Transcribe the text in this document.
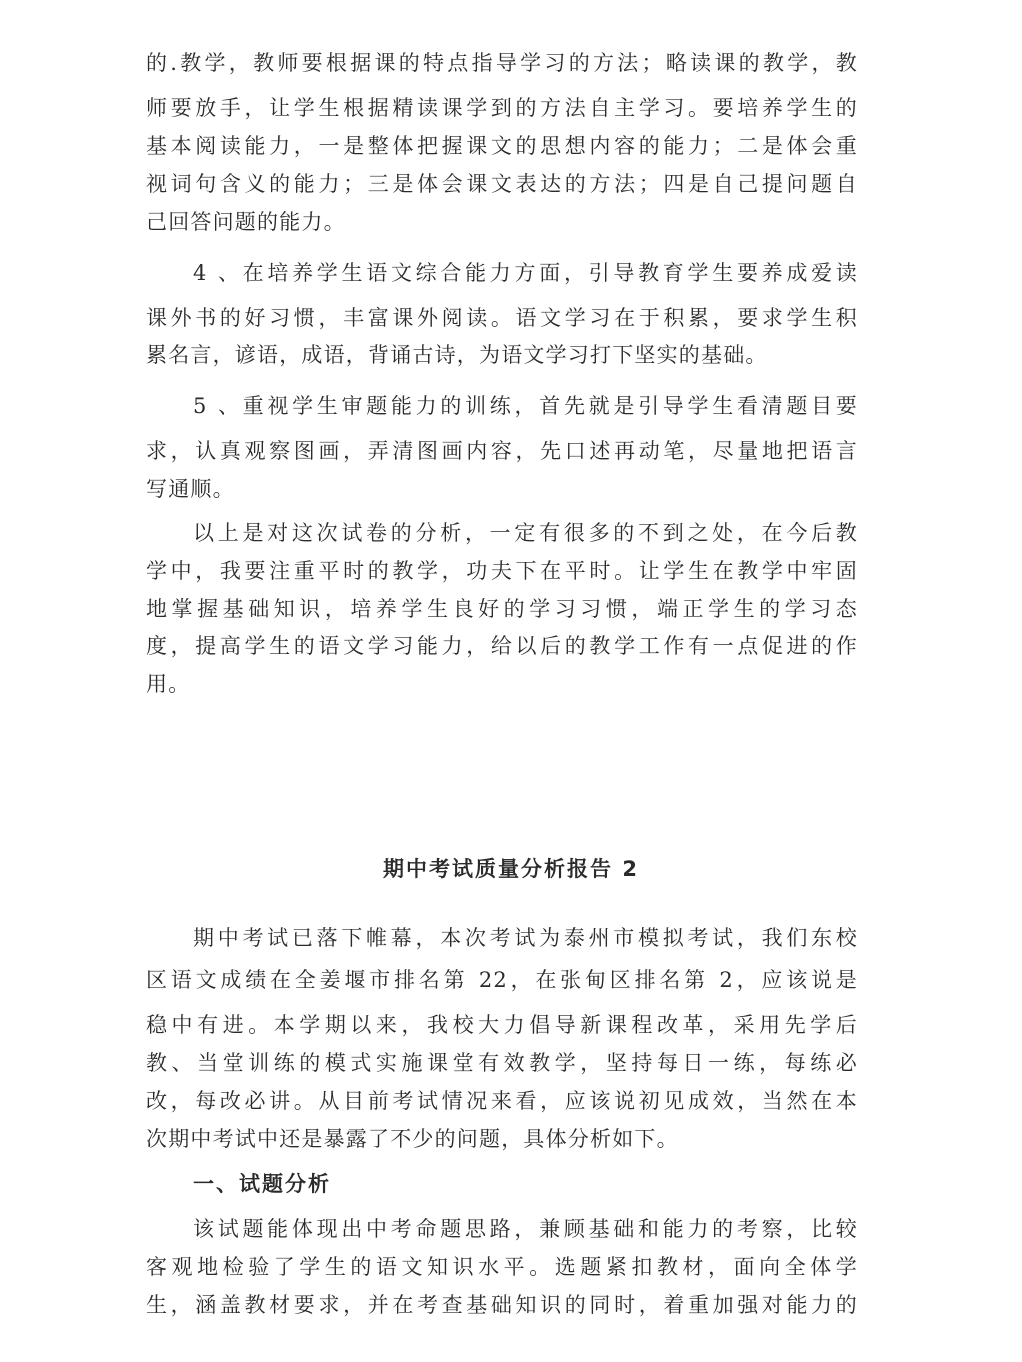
的.教学，教师要根据课的特点指导学习的方法；略读课的教学，教
师要放手，让学生根据精读课学到的方法自主学习。要培养学生的
基本阅读能力，一是整体把握课文的思想内容的能力；二是体会重
视词句含义的能力；三是体会课文表达的方法；四是自己提问题自
己回答问题的能力。
4 、在培养学生语文综合能力方面，引导教育学生要养成爱读
课外书的好习惯，丰富课外阅读。语文学习在于积累，要求学生积
累名言，谚语，成语，背诵古诗，为语文学习打下坚实的基础。
5 、重视学生审题能力的训练，首先就是引导学生看清题目要
求，认真观察图画，弄清图画内容，先口述再动笔，尽量地把语言
写通顺。
以上是对这次试卷的分析，一定有很多的不到之处，在今后教
学中，我要注重平时的教学，功夫下在平时。让学生在教学中牢固
地掌握基础知识，培养学生良好的学习习惯，端正学生的学习态
度，提高学生的语文学习能力，给以后的教学工作有一点促进的作
用。
期中考试质量分析报告 2
期中考试已落下帷幕，本次考试为泰州市模拟考试，我们东校
区语文成绩在全姜堰市排名第 22，在张甸区排名第 2，应该说是
稳中有进。本学期以来，我校大力倡导新课程改革，采用先学后
教、当堂训练的模式实施课堂有效教学，坚持每日一练，每练必
改，每改必讲。从目前考试情况来看，应该说初见成效，当然在本
次期中考试中还是暴露了不少的问题，具体分析如下。
一、试题分析
该试题能体现出中考命题思路，兼顾基础和能力的考察，比较
客观地检验了学生的语文知识水平。选题紧扣教材，面向全体学
生，涵盖教材要求，并在考查基础知识的同时，着重加强对能力的
